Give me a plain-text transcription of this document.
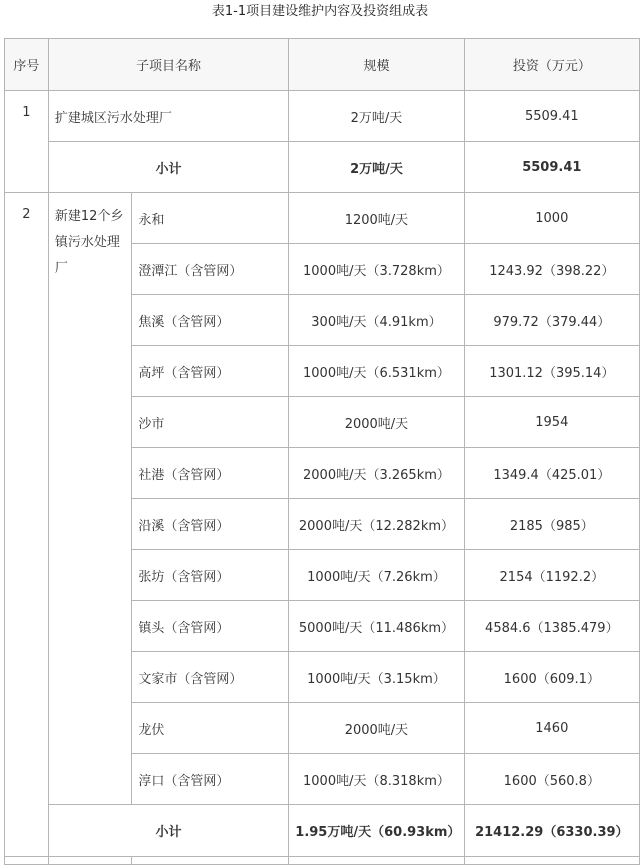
表1-1项目建设维护内容及投资组成表
序号	子项目名称		规模	投资（万元）
1	扩建城区污水处理厂		2万吨/天	5509.41
	小计		2万吨/天	5509.41
2	新建12个乡镇污水处理厂	永和	1200吨/天	1000
		澄潭江（含管网）	1000吨/天（3.728km）	1243.92（398.22）
		焦溪（含管网）	300吨/天（4.91km）	979.72（379.44）
		高坪（含管网）	1000吨/天（6.531km）	1301.12（395.14）
		沙市	2000吨/天	1954
		社港（含管网）	2000吨/天（3.265km）	1349.4（425.01）
		沿溪（含管网）	2000吨/天（12.282km）	2185（985）
		张坊（含管网）	1000吨/天（7.26km）	2154（1192.2）
		镇头（含管网）	5000吨/天（11.486km）	4584.6（1385.479）
		文家市（含管网）	1000吨/天（3.15km）	1600（609.1）
		龙伏	2000吨/天	1460
		淳口（含管网）	1000吨/天（8.318km）	1600（560.8）
	小计		1.95万吨/天（60.93km）	21412.29（6330.39）
